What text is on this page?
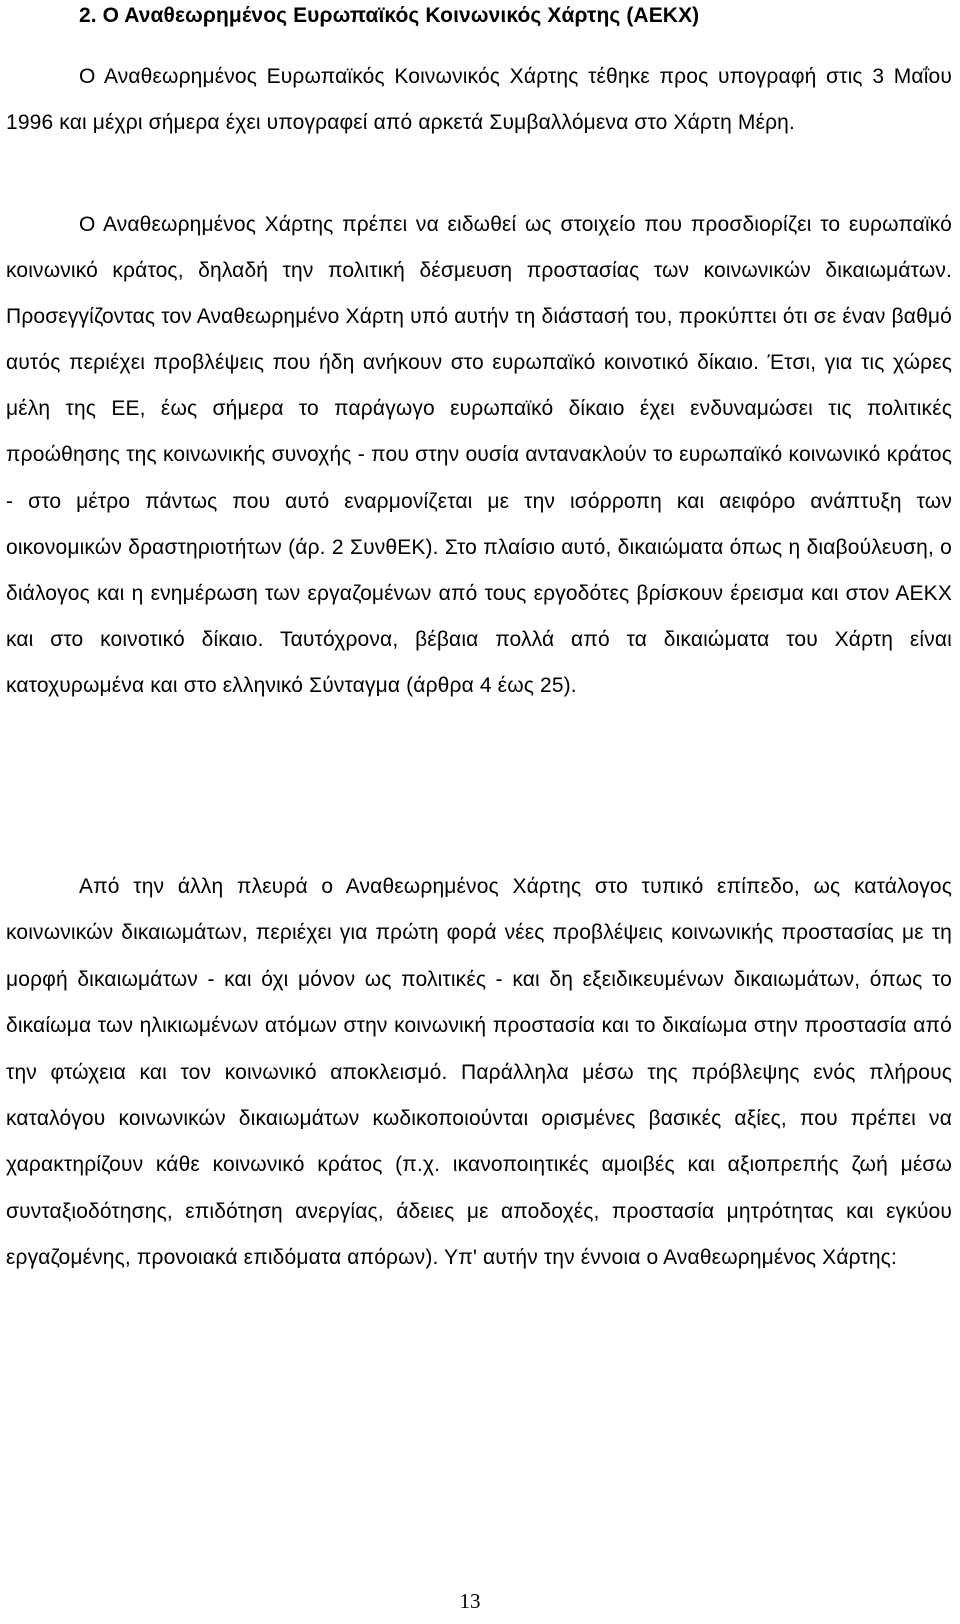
2. Ο Αναθεωρημένος Ευρωπαϊκός Κοινωνικός Χάρτης (ΑΕΚΧ)

Ο Αναθεωρημένος Ευρωπαϊκός Κοινωνικός Χάρτης τέθηκε προς υπογραφή στις 3 Μαΐου 1996 και μέχρι σήμερα έχει υπογραφεί από αρκετά Συμβαλλόμενα στο Χάρτη Μέρη.

Ο Αναθεωρημένος Χάρτης πρέπει να ειδωθεί ως στοιχείο που προσδιορίζει το ευρωπαϊκό κοινωνικό κράτος, δηλαδή την πολιτική δέσμευση προστασίας των κοινωνικών δικαιωμάτων. Προσεγγίζοντας τον Αναθεωρημένο Χάρτη υπό αυτήν τη διάστασή του, προκύπτει ότι σε έναν βαθμό αυτός περιέχει προβλέψεις που ήδη ανήκουν στο ευρωπαϊκό κοινοτικό δίκαιο. Έτσι, για τις χώρες μέλη της ΕΕ, έως σήμερα το παράγωγο ευρωπαϊκό δίκαιο έχει ενδυναμώσει τις πολιτικές προώθησης της κοινωνικής συνοχής - που στην ουσία αντανακλούν το ευρωπαϊκό κοινωνικό κράτος - στο μέτρο πάντως που αυτό εναρμονίζεται με την ισόρροπη και αειφόρο ανάπτυξη των οικονομικών δραστηριοτήτων (άρ. 2 ΣυνθΕΚ). Στο πλαίσιο αυτό, δικαιώματα όπως η διαβούλευση, ο διάλογος και η ενημέρωση των εργαζομένων από τους εργοδότες βρίσκουν έρεισμα και στον ΑΕΚΧ και στο κοινοτικό δίκαιο. Ταυτόχρονα, βέβαια πολλά από τα δικαιώματα του Χάρτη είναι κατοχυρωμένα και στο ελληνικό Σύνταγμα (άρθρα 4 έως 25).

Από την άλλη πλευρά ο Αναθεωρημένος Χάρτης στο τυπικό επίπεδο, ως κατάλογος κοινωνικών δικαιωμάτων, περιέχει για πρώτη φορά νέες προβλέψεις κοινωνικής προστασίας με τη μορφή δικαιωμάτων - και όχι μόνον ως πολιτικές - και δη εξειδικευμένων δικαιωμάτων, όπως το δικαίωμα των ηλικιωμένων ατόμων στην κοινωνική προστασία και το δικαίωμα στην προστασία από την φτώχεια και τον κοινωνικό αποκλεισμό. Παράλληλα μέσω της πρόβλεψης ενός πλήρους καταλόγου κοινωνικών δικαιωμάτων κωδικοποιούνται ορισμένες βασικές αξίες, που πρέπει να χαρακτηρίζουν κάθε κοινωνικό κράτος (π.χ. ικανοποιητικές αμοιβές και αξιοπρεπής ζωή μέσω συνταξιοδότησης, επιδότηση ανεργίας, άδειες με αποδοχές, προστασία μητρότητας και εγκύου εργαζομένης, προνοιακά επιδόματα απόρων). Υπ' αυτήν την έννοια ο Αναθεωρημένος Χάρτης:

13
